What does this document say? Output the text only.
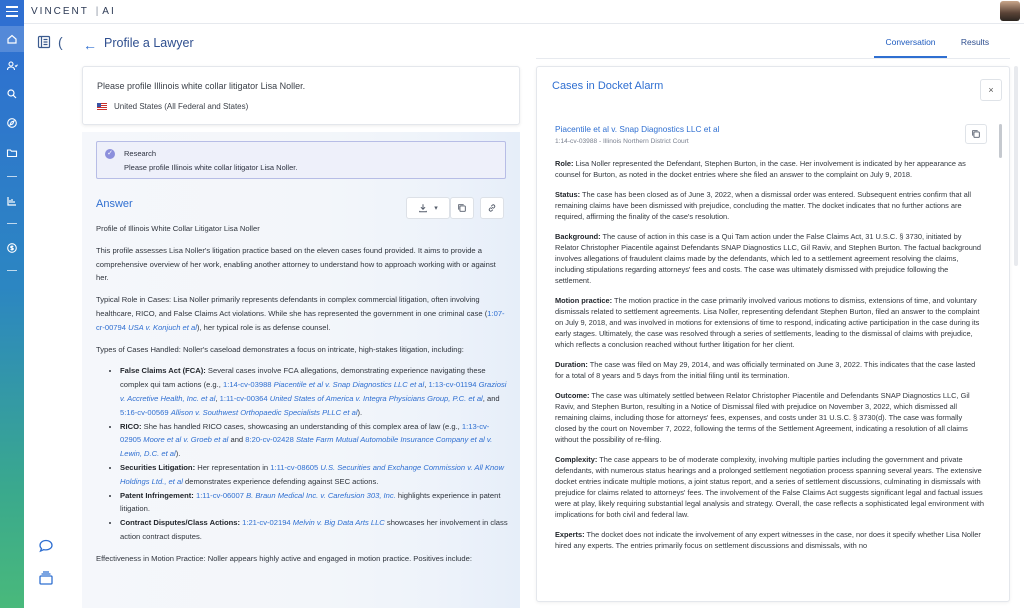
VINCENT | AI
( ← Profile a Lawyer	Conversation	Results
Please profile Illinois white collar litigator Lisa Noller.
United States (All Federal and States)
✓ Research
Please profile Illinois white collar litigator Lisa Noller.
Answer	▾

Profile of Illinois White Collar Litigator Lisa Noller

This profile assesses Lisa Noller's litigation practice based on the eleven cases found provided. It aims to provide a comprehensive overview of her work, enabling another attorney to understand how to approach working with or against her.

Typical Role in Cases: Lisa Noller primarily represents defendants in complex commercial litigation, often involving healthcare, RICO, and False Claims Act violations. While she has represented the government in one criminal case (1:07-cr-00794 USA v. Konjuch et al), her typical role is as defense counsel.

Types of Cases Handled: Noller's caseload demonstrates a focus on intricate, high-stakes litigation, including:

• False Claims Act (FCA): Several cases involve FCA allegations, demonstrating experience navigating these complex qui tam actions (e.g., 1:14-cv-03988 Piacentile et al v. Snap Diagnostics LLC et al, 1:13-cv-01194 Graziosi v. Accretive Health, Inc. et al, 1:11-cv-00364 United States of America v. Integra Physicians Group, P.C. et al, and 5:16-cv-00569 Allison v. Southwest Orthopaedic Specialists PLLC et al).
• RICO: She has handled RICO cases, showcasing an understanding of this complex area of law (e.g., 1:13-cv-02905 Moore et al v. Groeb et al and 8:20-cv-02428 State Farm Mutual Automobile Insurance Company et al v. Lewin, D.C. et al).
• Securities Litigation: Her representation in 1:11-cv-08605 U.S. Securities and Exchange Commission v. All Know Holdings Ltd., et al demonstrates experience defending against SEC actions.
• Patent Infringement: 1:11-cv-06007 B. Braun Medical Inc. v. Carefusion 303, Inc. highlights experience in patent litigation.
• Contract Disputes/Class Actions: 1:21-cv-02194 Melvin v. Big Data Arts LLC showcases her involvement in class action contract disputes.

Effectiveness in Motion Practice: Noller appears highly active and engaged in motion practice. Positives include:

Cases in Docket Alarm	×
Piacentile et al v. Snap Diagnostics LLC et al
1:14-cv-03988 - Illinois Northern District Court

Role: Lisa Noller represented the Defendant, Stephen Burton, in the case. Her involvement is indicated by her appearance as counsel for Burton, as noted in the docket entries where she filed an answer to the complaint on July 9, 2018.

Status: The case has been closed as of June 3, 2022, when a dismissal order was entered. Subsequent entries confirm that all remaining claims have been dismissed with prejudice, concluding the matter. The docket indicates that no further actions are required, affirming the finality of the case's resolution.

Background: The cause of action in this case is a Qui Tam action under the False Claims Act, 31 U.S.C. § 3730, initiated by Relator Christopher Piacentile against Defendants SNAP Diagnostics LLC, Gil Raviv, and Stephen Burton. The factual background involves allegations of fraudulent claims made by the defendants, which led to a settlement agreement resolving the claims, including stipulations regarding attorneys' fees and costs. The case was ultimately dismissed with prejudice following the settlement.

Motion practice: The motion practice in the case primarily involved various motions to dismiss, extensions of time, and voluntary dismissals related to settlement agreements. Lisa Noller, representing defendant Stephen Burton, filed an answer to the complaint on July 9, 2018, and was involved in motions for extensions of time to respond, indicating active participation in the case during its early stages. Ultimately, the case was resolved through a series of settlements, leading to the dismissal of claims with prejudice, which reflects a conclusion reached without further litigation for her client.

Duration: The case was filed on May 29, 2014, and was officially terminated on June 3, 2022. This indicates that the case lasted for a total of 8 years and 5 days from the initial filing until its termination.

Outcome: The case was ultimately settled between Relator Christopher Piacentile and Defendants SNAP Diagnostics LLC, Gil Raviv, and Stephen Burton, resulting in a Notice of Dismissal filed with prejudice on November 3, 2022, which dismissed all remaining claims, including those for attorneys' fees, expenses, and costs under 31 U.S.C. § 3730(d). The case was formally closed by the court on November 7, 2022, following the terms of the Settlement Agreement, indicating a resolution of all claims without the possibility of re-filing.

Complexity: The case appears to be of moderate complexity, involving multiple parties including the government and private defendants, with numerous status hearings and a prolonged settlement negotiation process spanning several years. The extensive docket entries indicate multiple motions, a joint status report, and a series of settlement discussions, culminating in dismissals with prejudice for claims related to attorneys' fees. The involvement of the False Claims Act suggests significant legal and factual issues were at play, likely requiring substantial legal analysis and strategy. Overall, the case reflects a sophisticated legal environment with implications for both civil and federal law.

Experts: The docket does not indicate the involvement of any expert witnesses in the case, nor does it specify whether Lisa Noller hired any experts. The entries primarily focus on settlement discussions and dismissals, with no
